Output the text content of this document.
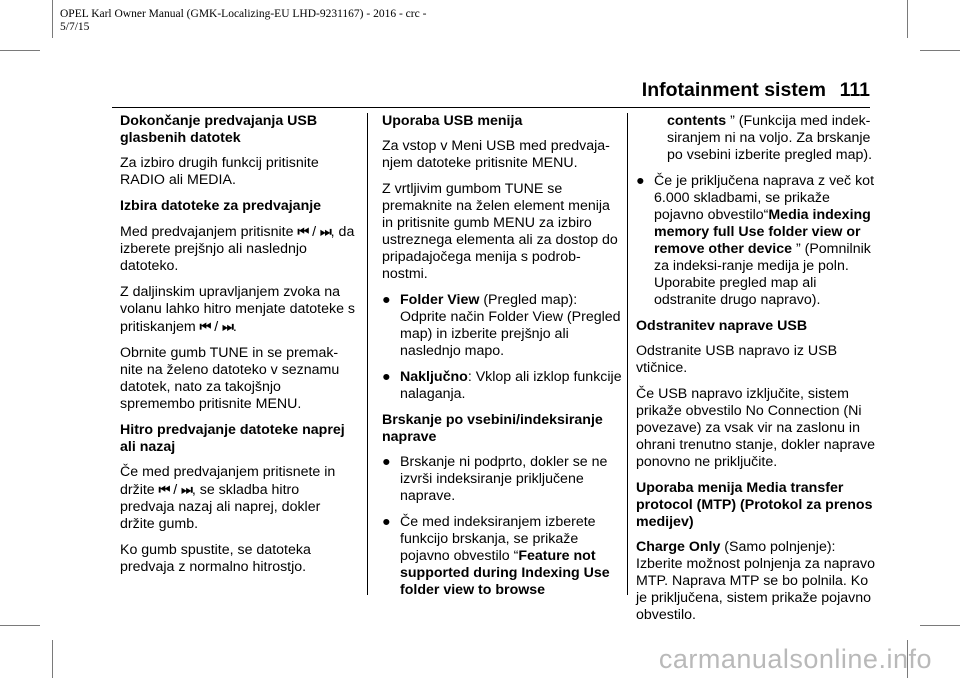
OPEL Karl Owner Manual (GMK-Localizing-EU LHD-9231167) - 2016 - crc -
5/7/15
Infotainment sistem 111

Dokončanje predvajanja USB glasbenih datotek

Za izbiro drugih funkcij pritisnite RADIO ali MEDIA.

Izbira datoteke za predvajanje

Med predvajanjem pritisnite ⏮ / ⏭, da izberete prejšnjo ali naslednjo datoteko.

Z daljinskim upravljanjem zvoka na volanu lahko hitro menjate datoteke s pritiskanjem ⏮ / ⏭.

Obrnite gumb TUNE in se premak-nite na želeno datoteko v seznamu datotek, nato za takojšnjo spremembo pritisnite MENU.

Hitro predvajanje datoteke naprej ali nazaj

Če med predvajanjem pritisnete in držite ⏮ / ⏭, se skladba hitro predvaja nazaj ali naprej, dokler držite gumb.

Ko gumb spustite, se datoteka predvaja z normalno hitrostjo.

Uporaba USB menija

Za vstop v Meni USB med predvaja-njem datoteke pritisnite MENU.

Z vrtljivim gumbom TUNE se premaknite na želen element menija in pritisnite gumb MENU za izbiro ustreznega elementa ali za dostop do pripadajočega menija s podrob-nostmi.

● Folder View (Pregled map): Odprite način Folder View (Pregled map) in izberite prejšnjo ali naslednjo mapo.

● Naključno: Vklop ali izklop funkcije nalaganja.

Brskanje po vsebini/indeksiranje naprave

● Brskanje ni podprto, dokler se ne izvrši indeksiranje priključene naprave.

● Če med indeksiranjem izberete funkcijo brskanja, se prikaže pojavno obvestilo “Feature not supported during Indexing Use folder view to browse

contents ” (Funkcija med indek-siranjem ni na voljo. Za brskanje po vsebini izberite pregled map).

● Če je priključena naprava z več kot 6.000 skladbami, se prikaže pojavno obvestilo“Media indexing memory full Use folder view or remove other device ” (Pomnilnik za indeksi-ranje medija je poln. Uporabite pregled map ali odstranite drugo napravo).

Odstranitev naprave USB

Odstranite USB napravo iz USB vtičnice.

Če USB napravo izključite, sistem prikaže obvestilo No Connection (Ni povezave) za vsak vir na zaslonu in ohrani trenutno stanje, dokler naprave ponovno ne priključite.

Uporaba menija Media transfer protocol (MTP) (Protokol za prenos medijev)

Charge Only (Samo polnjenje): Izberite možnost polnjenja za napravo MTP. Naprava MTP se bo polnila. Ko je priključena, sistem prikaže pojavno obvestilo.

carmanualsonline.info
